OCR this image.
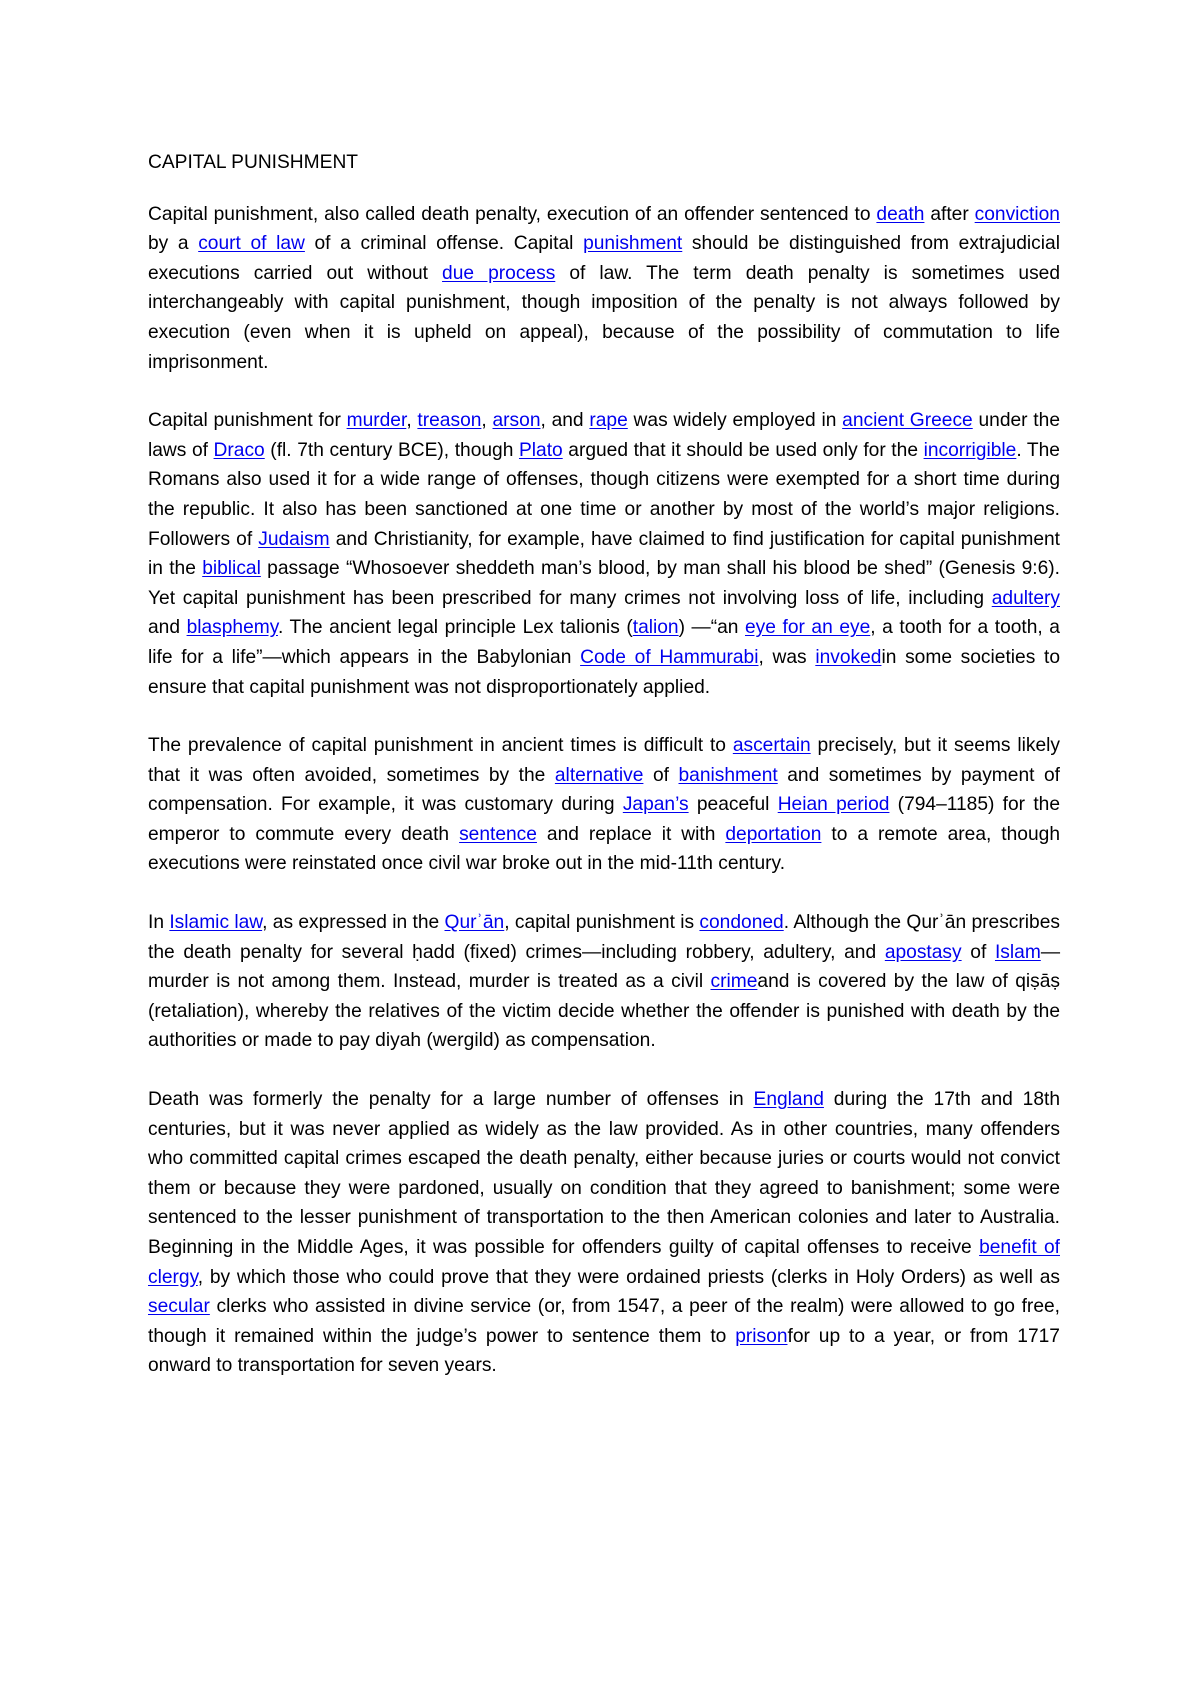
CAPITAL PUNISHMENT

Capital punishment, also called death penalty, execution of an offender sentenced to death after conviction by a court of law of a criminal offense. Capital punishment should be distinguished from extrajudicial executions carried out without due process of law. The term death penalty is sometimes used interchangeably with capital punishment, though imposition of the penalty is not always followed by execution (even when it is upheld on appeal), because of the possibility of commutation to life imprisonment.

Capital punishment for murder, treason, arson, and rape was widely employed in ancient Greece under the laws of Draco (fl. 7th century BCE), though Plato argued that it should be used only for the incorrigible. The Romans also used it for a wide range of offenses, though citizens were exempted for a short time during the republic. It also has been sanctioned at one time or another by most of the world’s major religions. Followers of Judaism and Christianity, for example, have claimed to find justification for capital punishment in the biblical passage “Whosoever sheddeth man’s blood, by man shall his blood be shed” (Genesis 9:6). Yet capital punishment has been prescribed for many crimes not involving loss of life, including adultery and blasphemy. The ancient legal principle Lex talionis (talion) —“an eye for an eye, a tooth for a tooth, a life for a life”—which appears in the Babylonian Code of Hammurabi, was invokedin some societies to ensure that capital punishment was not disproportionately applied.

The prevalence of capital punishment in ancient times is difficult to ascertain precisely, but it seems likely that it was often avoided, sometimes by the alternative of banishment and sometimes by payment of compensation. For example, it was customary during Japan’s peaceful Heian period (794–1185) for the emperor to commute every death sentence and replace it with deportation to a remote area, though executions were reinstated once civil war broke out in the mid-11th century.

In Islamic law, as expressed in the Qurʾān, capital punishment is condoned. Although the Qurʾān prescribes the death penalty for several ḥadd (fixed) crimes—including robbery, adultery, and apostasy of Islam—murder is not among them. Instead, murder is treated as a civil crimeand is covered by the law of qiṣāṣ (retaliation), whereby the relatives of the victim decide whether the offender is punished with death by the authorities or made to pay diyah (wergild) as compensation.

Death was formerly the penalty for a large number of offenses in England during the 17th and 18th centuries, but it was never applied as widely as the law provided. As in other countries, many offenders who committed capital crimes escaped the death penalty, either because juries or courts would not convict them or because they were pardoned, usually on condition that they agreed to banishment; some were sentenced to the lesser punishment of transportation to the then American colonies and later to Australia. Beginning in the Middle Ages, it was possible for offenders guilty of capital offenses to receive benefit of clergy, by which those who could prove that they were ordained priests (clerks in Holy Orders) as well as secular clerks who assisted in divine service (or, from 1547, a peer of the realm) were allowed to go free, though it remained within the judge’s power to sentence them to prisonfor up to a year, or from 1717 onward to transportation for seven years.
